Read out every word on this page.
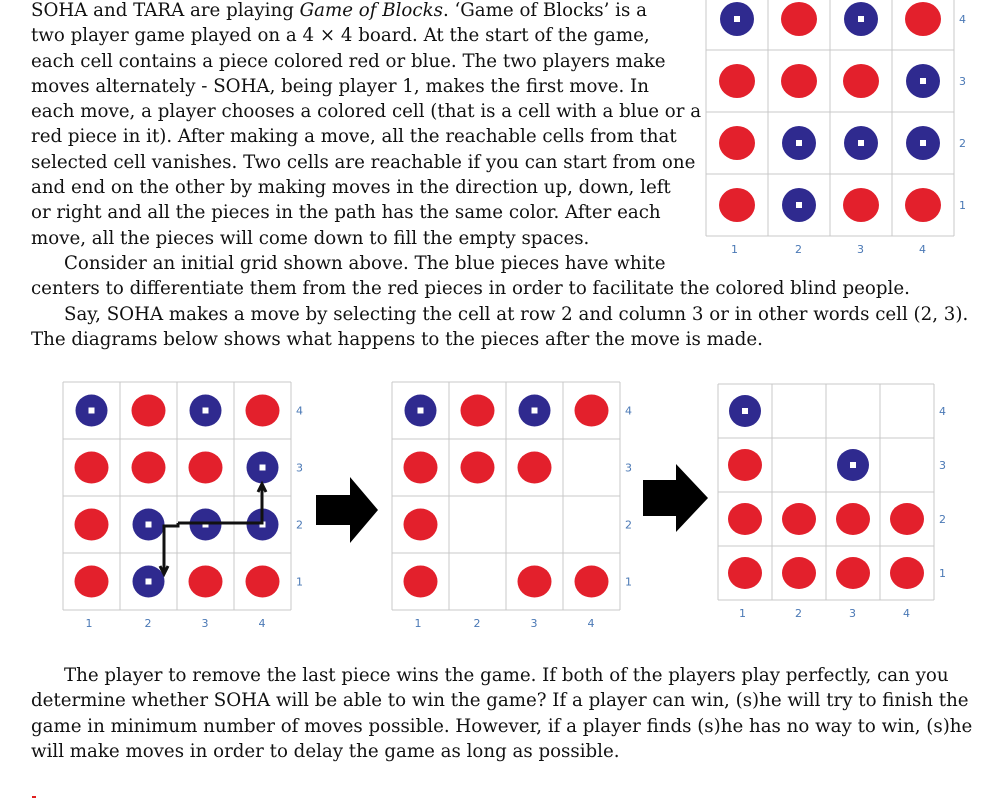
SOHA and TARA are playing Game of Blocks. ‘Game of Blocks’ is a
two player game played on a 4 × 4 board. At the start of the game,
each cell contains a piece colored red or blue. The two players make
moves alternately - SOHA, being player 1, makes the first move. In
each move, a player chooses a colored cell (that is a cell with a blue or a
red piece in it). After making a move, all the reachable cells from that
selected cell vanishes. Two cells are reachable if you can start from one
and end on the other by making moves in the direction up, down, left
or right and all the pieces in the path has the same color. After each
move, all the pieces will come down to fill the empty spaces.
Consider an initial grid shown above. The blue pieces have white
centers to differentiate them from the red pieces in order to facilitate the colored blind people.
Say, SOHA makes a move by selecting the cell at row 2 and column 3 or in other words cell (2, 3).
The diagrams below shows what happens to the pieces after the move is made.
4
3
2
1
1	2	3	4
4
3
2
1
1	2	3	4
4
3
2
1
1	2	3	4
4
3
2
1
1	2	3	4
The player to remove the last piece wins the game. If both of the players play perfectly, can you
determine whether SOHA will be able to win the game? If a player can win, (s)he will try to finish the
game in minimum number of moves possible. However, if a player finds (s)he has no way to win, (s)he
will make moves in order to delay the game as long as possible.
